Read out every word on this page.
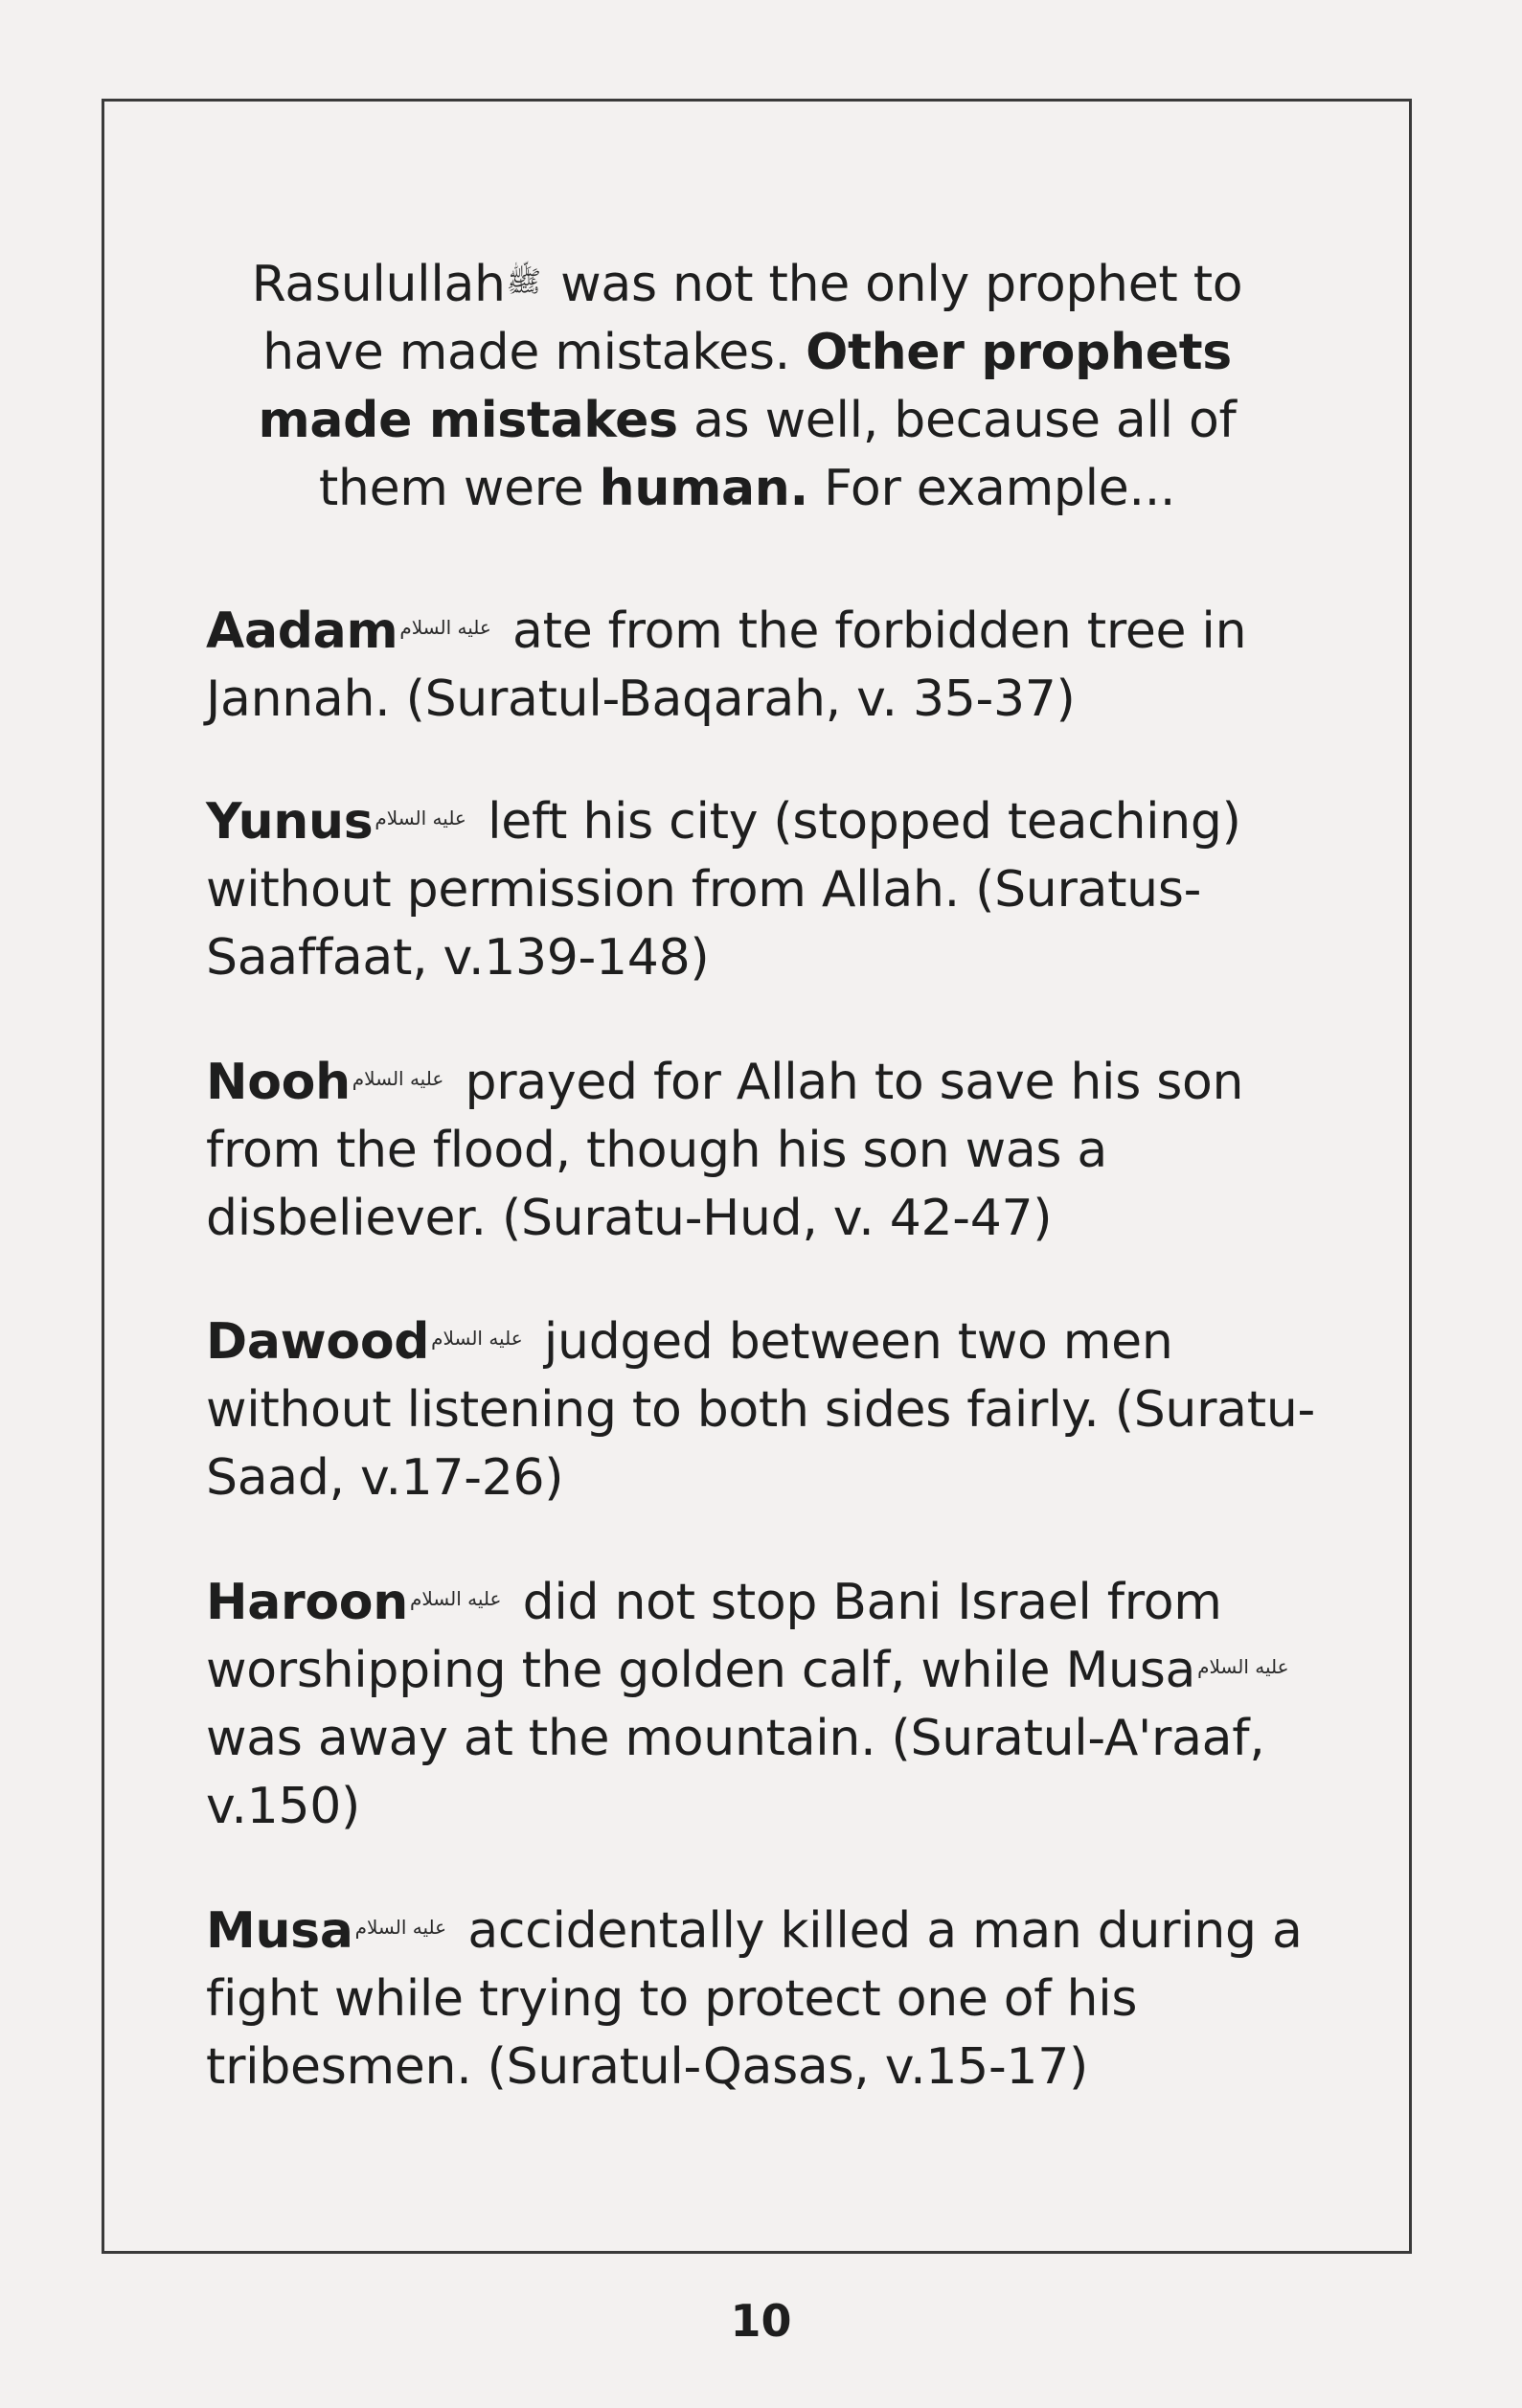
Rasulullahﷺ was not the only prophet to have made mistakes. Other prophets made mistakes as well, because all of them were human. For example...

Aadam عليه السلام ate from the forbidden tree in Jannah. (Suratul-Baqarah, v. 35-37)

Yunus عليه السلام left his city (stopped teaching) without permission from Allah. (Suratus-Saaffaat, v.139-148)

Nooh عليه السلام prayed for Allah to save his son from the flood, though his son was a disbeliever. (Suratu-Hud, v. 42-47)

Dawood عليه السلام judged between two men without listening to both sides fairly. (Suratu-Saad, v.17-26)

Haroon عليه السلام did not stop Bani Israel from worshipping the golden calf, while Musa عليه السلام was away at the mountain. (Suratul-A'raaf, v.150)

Musa عليه السلام accidentally killed a man during a fight while trying to protect one of his tribesmen. (Suratul-Qasas, v.15-17)

10
